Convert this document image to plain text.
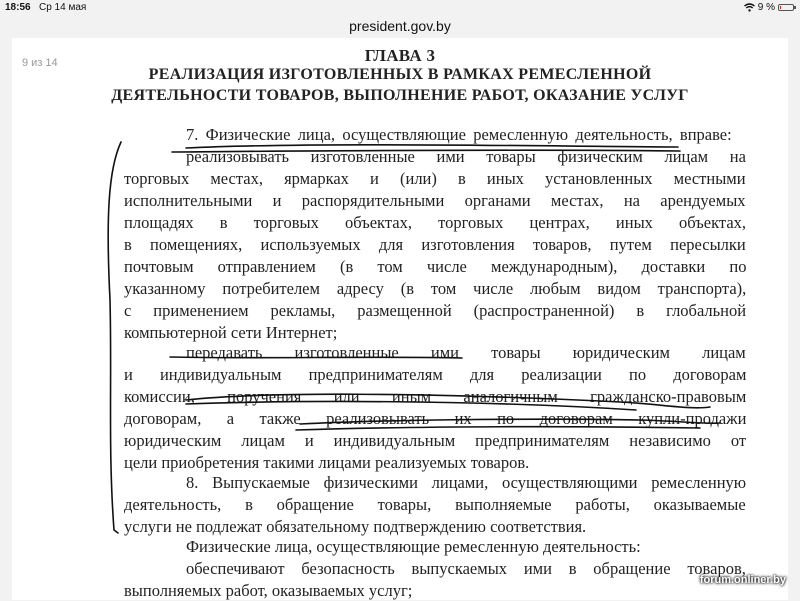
18:56 Ср 14 мая	9 %
president.gov.by
9 из 14	ГЛАВА 3
РЕАЛИЗАЦИЯ ИЗГОТОВЛЕННЫХ В РАМКАХ РЕМЕСЛЕННОЙ
ДЕЯТЕЛЬНОСТИ ТОВАРОВ, ВЫПОЛНЕНИЕ РАБОТ, ОКАЗАНИЕ УСЛУГ
7. Физические лица, осуществляющие ремесленную деятельность, вправе:
реализовывать изготовленные ими товары физическим лицам на
торговых местах, ярмарках и (или) в иных установленных местными
исполнительными и распорядительными органами местах, на арендуемых
площадях в торговых объектах, торговых центрах, иных объектах,
в помещениях, используемых для изготовления товаров, путем пересылки
почтовым отправлением (в том числе международным), доставки по
указанному потребителем адресу (в том числе любым видом транспорта),
с применением рекламы, размещенной (распространенной) в глобальной
компьютерной сети Интернет;
передавать изготовленные ими товары юридическим лицам
и индивидуальным предпринимателям для реализации по договорам
комиссии, поручения или иным аналогичным гражданско-правовым
договорам, а также реализовывать их по договорам купли-продажи
юридическим лицам и индивидуальным предпринимателям независимо от
цели приобретения такими лицами реализуемых товаров.
8. Выпускаемые физическими лицами, осуществляющими ремесленную
деятельность, в обращение товары, выполняемые работы, оказываемые
услуги не подлежат обязательному подтверждению соответствия.
Физические лица, осуществляющие ремесленную деятельность:
обеспечивают безопасность выпускаемых ими в обращение товаров,
выполняемых работ, оказываемых услуг;
forum.onliner.by
